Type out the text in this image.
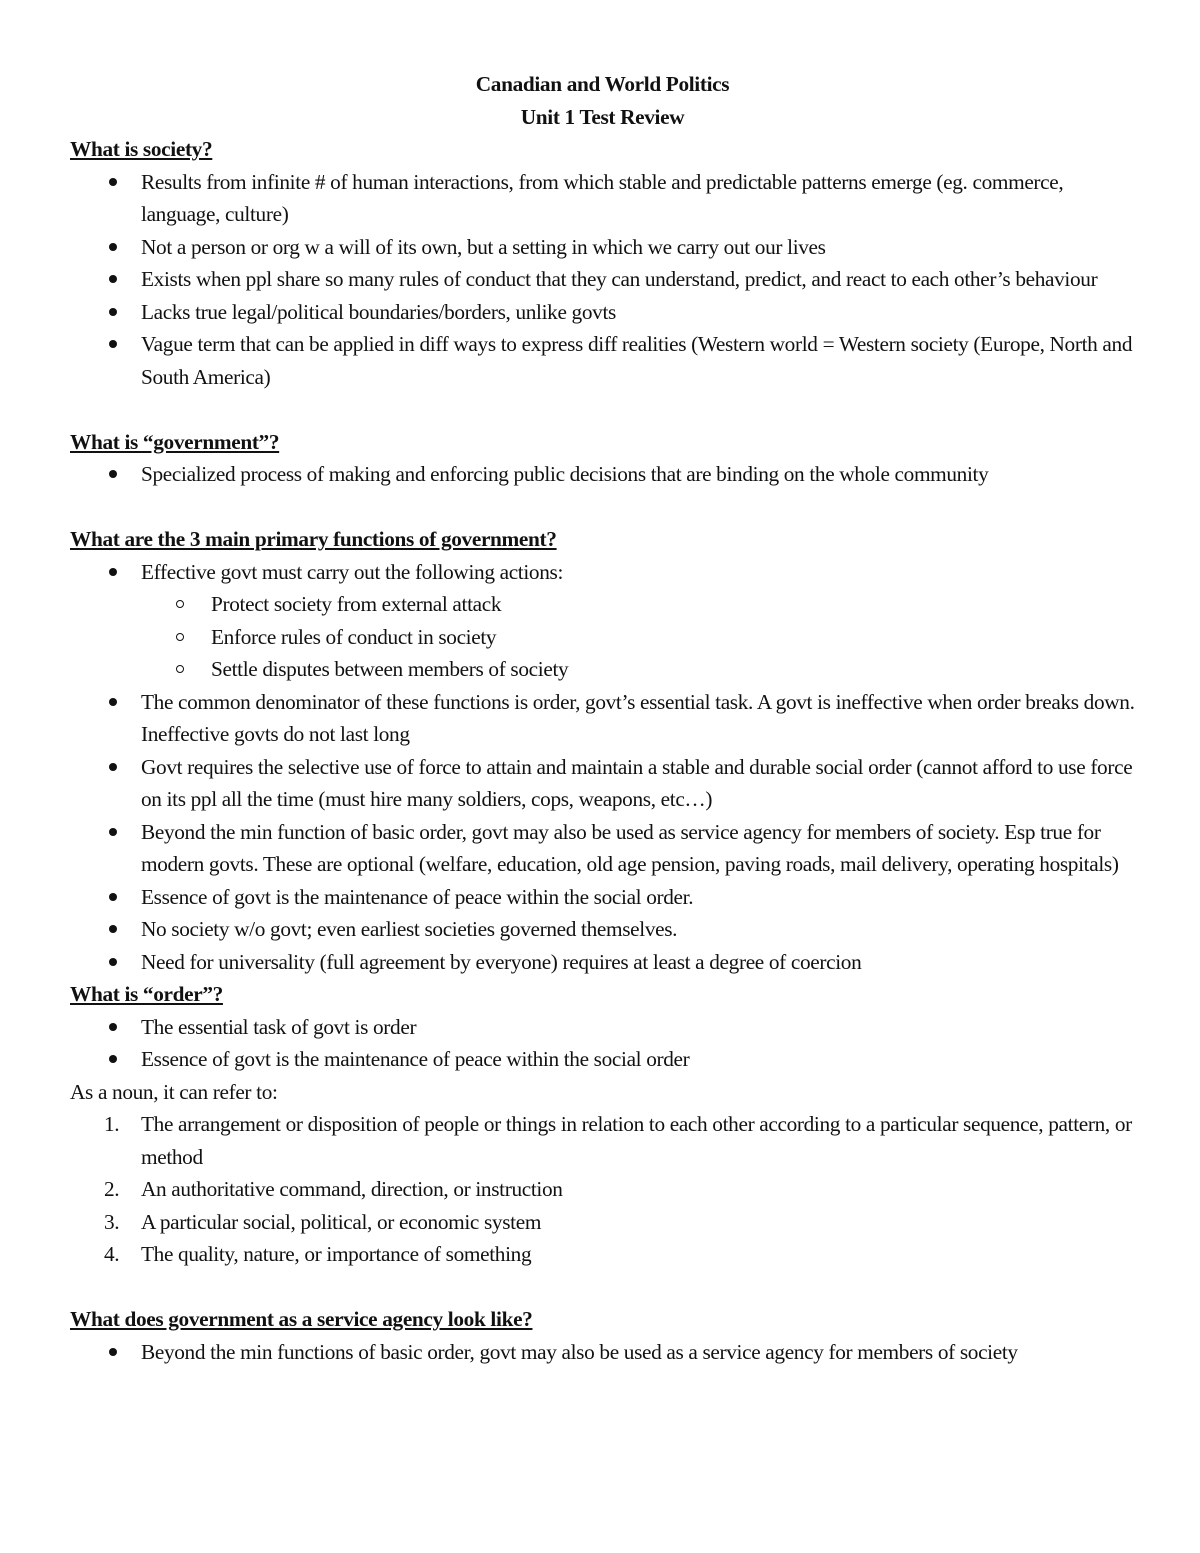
Canadian and World Politics
Unit 1 Test Review
What is society?
Results from infinite # of human interactions, from which stable and predictable patterns emerge (eg. commerce, language, culture)
Not a person or org w a will of its own, but a setting in which we carry out our lives
Exists when ppl share so many rules of conduct that they can understand, predict, and react to each other’s behaviour
Lacks true legal/political boundaries/borders, unlike govts
Vague term that can be applied in diff ways to express diff realities (Western world = Western society (Europe, North and South America)
What is “government”?
Specialized process of making and enforcing public decisions that are binding on the whole community
What are the 3 main primary functions of government?
Effective govt must carry out the following actions:
Protect society from external attack
Enforce rules of conduct in society
Settle disputes between members of society
The common denominator of these functions is order, govt’s essential task. A govt is ineffective when order breaks down. Ineffective govts do not last long
Govt requires the selective use of force to attain and maintain a stable and durable social order (cannot afford to use force on its ppl all the time (must hire many soldiers, cops, weapons, etc…)
Beyond the min function of basic order, govt may also be used as service agency for members of society. Esp true for modern govts. These are optional (welfare, education, old age pension, paving roads, mail delivery, operating hospitals)
Essence of govt is the maintenance of peace within the social order.
No society w/o govt; even earliest societies governed themselves.
Need for universality (full agreement by everyone) requires at least a degree of coercion
What is “order”?
The essential task of govt is order
Essence of govt is the maintenance of peace within the social order
As a noun, it can refer to:
1. The arrangement or disposition of people or things in relation to each other according to a particular sequence, pattern, or method
2. An authoritative command, direction, or instruction
3. A particular social, political, or economic system
4. The quality, nature, or importance of something
What does government as a service agency look like?
Beyond the min functions of basic order, govt may also be used as a service agency for members of society
